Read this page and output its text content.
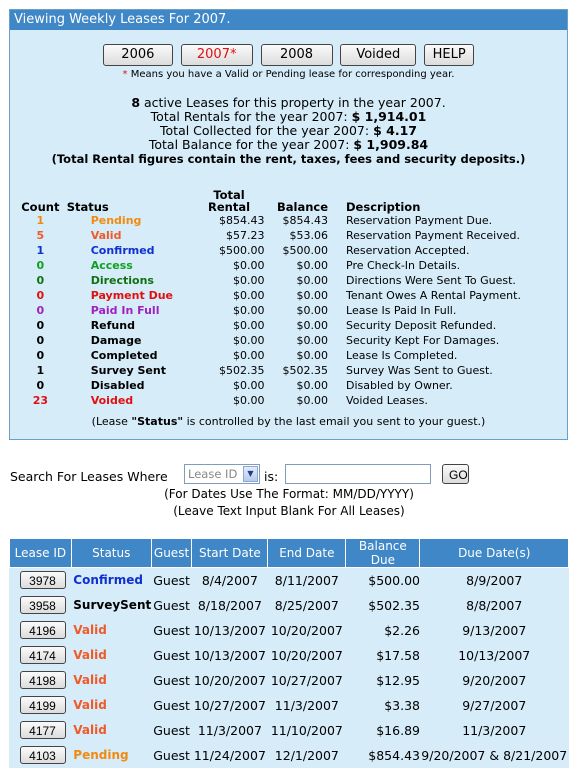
Viewing Weekly Leases For 2007.
2006	2007*	2008	Voided HELP
* Means you have a Valid or Pending lease for corresponding year.
8 active Leases for this property in the year 2007.
Total Rentals for the year 2007: $ 1,914.01
Total Collected for the year 2007: $ 4.17
Total Balance for the year 2007: $ 1,909.84
(Total Rental figures contain the rent, taxes, fees and security deposits.)
Count	Status	Total
Rental	Balance	Description
1	Pending	$854.43	$854.43	Reservation Payment Due.
5	Valid	$57.23	$53.06	Reservation Payment Received.
1	Confirmed	$500.00	$500.00	Reservation Accepted.
0	Access	$0.00	$0.00	Pre Check-In Details.
0	Directions	$0.00	$0.00	Directions Were Sent To Guest.
0	Payment Due	$0.00	$0.00	Tenant Owes A Rental Payment.
0	Paid In Full	$0.00	$0.00	Lease Is Paid In Full.
0	Refund	$0.00	$0.00	Security Deposit Refunded.
0	Damage	$0.00	$0.00	Security Kept For Damages.
0	Completed	$0.00	$0.00	Lease Is Completed.
1	Survey Sent	$502.35	$502.35	Survey Was Sent to Guest.
0	Disabled	$0.00	$0.00	Disabled by Owner.
23	Voided	$0.00	$0.00	Voided Leases.
(Lease "Status" is controlled by the last email you sent to your guest.)
Search For Leases Where	Lease ID	▼ is:	GO
(For Dates Use The Format: MM/DD/YYYY)
(Leave Text Input Blank For All Leases)
Lease ID	Status	Guest	Start Date	End Date	Balance Due	Due Date(s)
3978	Confirmed	Guest	8/4/2007	8/11/2007	$500.00	8/9/2007
3958	SurveySent	Guest	8/18/2007	8/25/2007	$502.35	8/8/2007
4196	Valid	Guest	10/13/2007	10/20/2007	$2.26	9/13/2007
4174	Valid	Guest	10/13/2007	10/20/2007	$17.58	10/13/2007
4198	Valid	Guest	10/20/2007	10/27/2007	$12.95	9/20/2007
4199	Valid	Guest	10/27/2007	11/3/2007	$3.38	9/27/2007
4177	Valid	Guest	11/3/2007	11/10/2007	$16.89	11/3/2007
4103	Pending	Guest	11/24/2007	12/1/2007	$854.43	9/20/2007 & 8/21/2007
